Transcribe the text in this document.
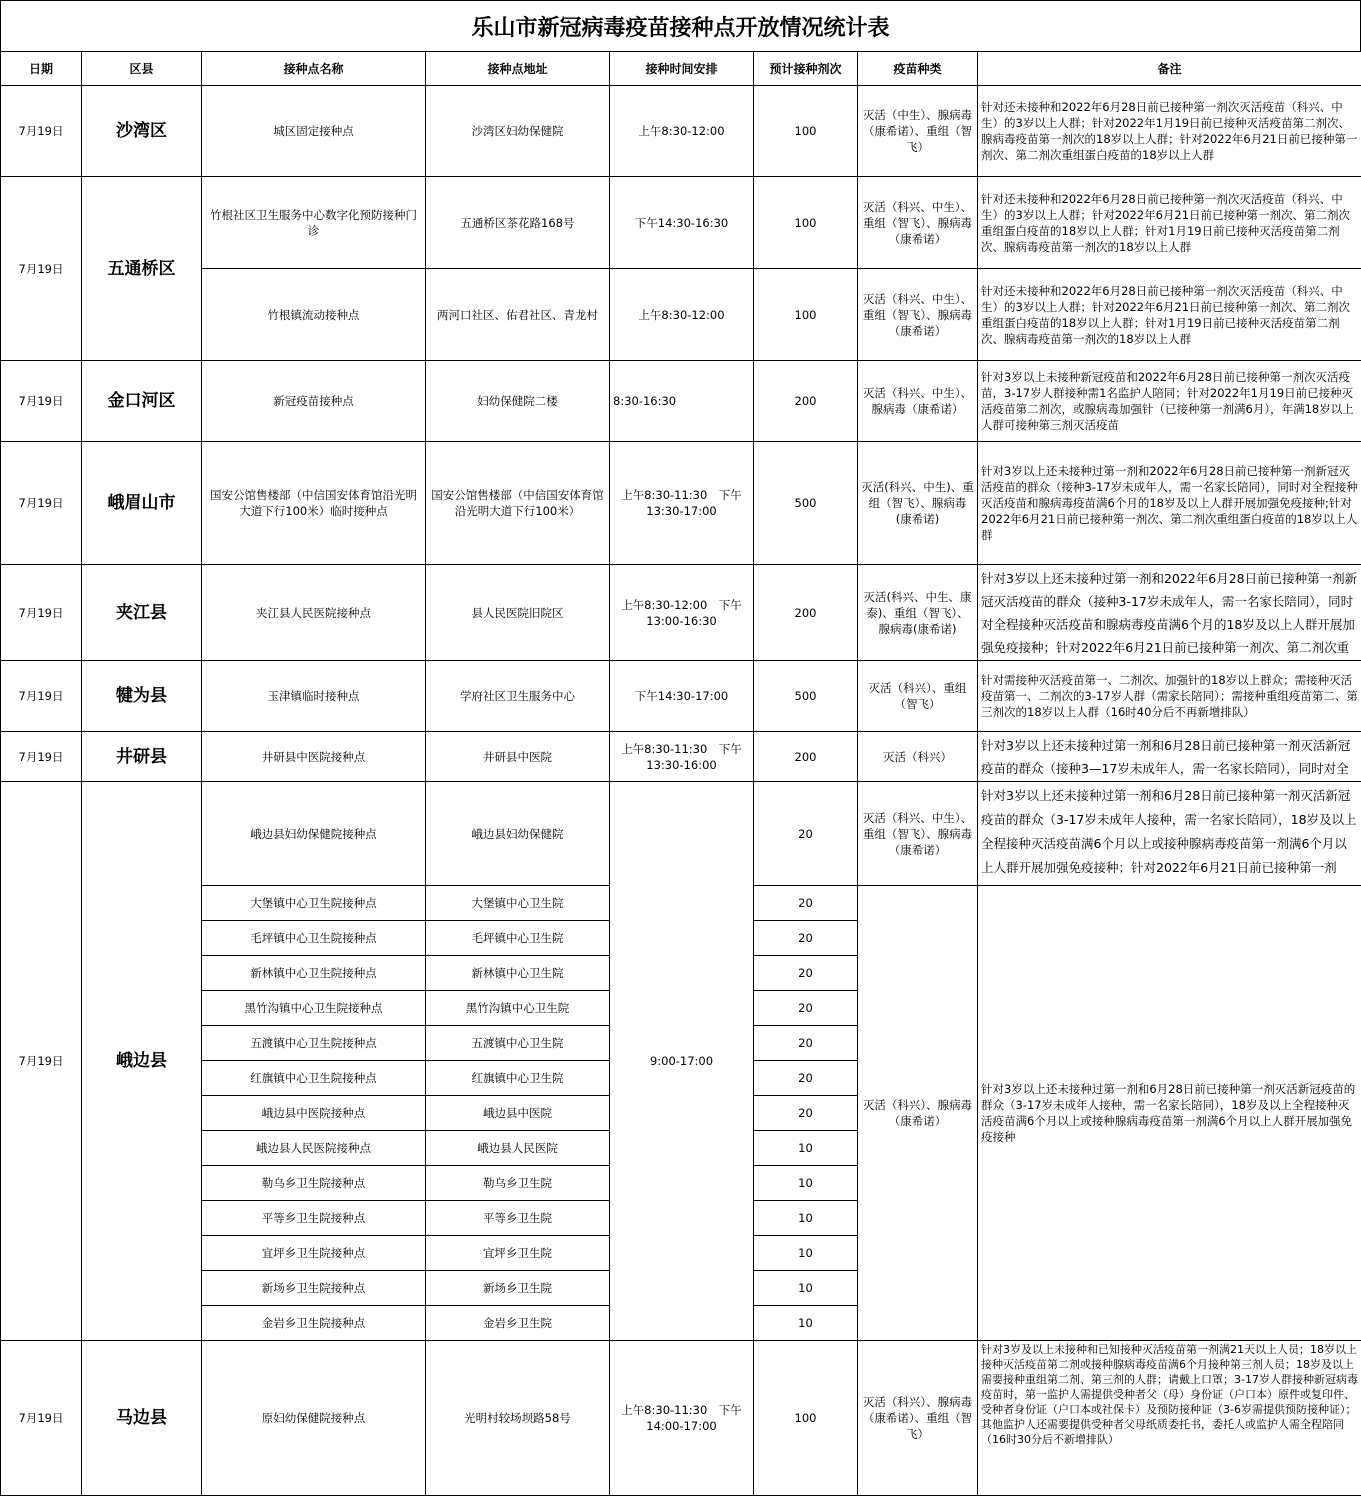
乐山市新冠病毒疫苗接种点开放情况统计表
日期	区县	接种点名称	接种点地址	接种时间安排	预计接种剂次	疫苗种类	备注
7月19日	沙湾区	城区固定接种点	沙湾区妇幼保健院	上午8:30-12:00	100	灭活（中生）、腺病毒（康希诺）、重组（智飞）	针对还未接种和2022年6月28日前已接种第一剂次灭活疫苗（科兴、中生）的3岁以上人群；针对2022年1月19日前已接种灭活疫苗第二剂次、腺病毒疫苗第一剂次的18岁以上人群；针对2022年6月21日前已接种第一剂次、第二剂次重组蛋白疫苗的18岁以上人群
7月19日	五通桥区	竹根社区卫生服务中心数字化预防接种门诊	五通桥区茶花路168号	下午14:30-16:30	100	灭活（科兴、中生）、重组（智飞）、腺病毒（康希诺）	针对还未接种和2022年6月28日前已接种第一剂次灭活疫苗（科兴、中生）的3岁以上人群；针对2022年6月21日前已接种第一剂次、第二剂次重组蛋白疫苗的18岁以上人群；针对1月19日前已接种灭活疫苗第二剂次、腺病毒疫苗第一剂次的18岁以上人群
		竹根镇流动接种点	两河口社区、佑君社区、青龙村	上午8:30-12:00	100	灭活（科兴、中生）、重组（智飞）、腺病毒（康希诺）	针对还未接种和2022年6月28日前已接种第一剂次灭活疫苗（科兴、中生）的3岁以上人群；针对2022年6月21日前已接种第一剂次、第二剂次重组蛋白疫苗的18岁以上人群；针对1月19日前已接种灭活疫苗第二剂次、腺病毒疫苗第一剂次的18岁以上人群
7月19日	金口河区	新冠疫苗接种点	妇幼保健院二楼	8:30-16:30	200	灭活（科兴、中生）、腺病毒（康希诺）	针对3岁以上未接种新冠疫苗和2022年6月28日前已接种第一剂次灭活疫苗，3-17岁人群接种需1名监护人陪同；针对2022年1月19日前已接种灭活疫苗第二剂次，或腺病毒加强针（已接种第一剂满6月），年满18岁以上人群可接种第三剂灭活疫苗
7月19日	峨眉山市	国安公馆售楼部（中信国安体育馆沿光明大道下行100米）临时接种点	国安公馆售楼部（中信国安体育馆沿光明大道下行100米）	上午8:30-11:30　下午13:30-17:00	500	灭活(科兴、中生)、重组（智飞）、腺病毒(康希诺)	针对3岁以上还未接种过第一剂和2022年6月28日前已接种第一剂新冠灭活疫苗的群众（接种3-17岁未成年人，需一名家长陪同），同时对全程接种灭活疫苗和腺病毒疫苗满6个月的18岁及以上人群开展加强免疫接种;针对2022年6月21日前已接种第一剂次、第二剂次重组蛋白疫苗的18岁以上人群
7月19日	夹江县	夹江县人民医院接种点	县人民医院旧院区	上午8:30-12:00　下午13:00-16:30	200	灭活(科兴、中生、康泰)、重组（智飞）、腺病毒(康希诺)	针对3岁以上还未接种过第一剂和2022年6月28日前已接种第一剂新冠灭活疫苗的群众（接种3-17岁未成年人，需一名家长陪同），同时对全程接种灭活疫苗和腺病毒疫苗满6个月的18岁及以上人群开展加强免疫接种；针对2022年6月21日前已接种第一剂次、第二剂次重

7月19日	犍为县	玉津镇临时接种点	学府社区卫生服务中心	下午14:30-17:00	500	灭活（科兴）、重组（智飞）	针对需接种灭活疫苗第一、二剂次、加强针的18岁以上群众；需接种灭活疫苗第一、二剂次的3-17岁人群（需家长陪同）；需接种重组疫苗第二、第三剂次的18岁以上人群（16时40分后不再新增排队）
7月19日	井研县	井研县中医院接种点	井研县中医院	上午8:30-11:30　下午13:30-16:00	200	灭活（科兴）	针对3岁以上还未接种过第一剂和6月28日前已接种第一剂灭活新冠疫苗的群众（接种3—17岁未成年人，需一名家长陪同），同时对全

7月19日	峨边县	峨边县妇幼保健院接种点	峨边县妇幼保健院	9:00-17:00	20	灭活（科兴、中生）、重组（智飞）、腺病毒（康希诺）	针对3岁以上还未接种过第一剂和6月28日前已接种第一剂灭活新冠疫苗的群众（3-17岁未成年人接种，需一名家长陪同），18岁及以上全程接种灭活疫苗满6个月以上或接种腺病毒疫苗第一剂满6个月以上人群开展加强免疫接种；针对2022年6月21日前已接种第一剂

		大堡镇中心卫生院接种点	大堡镇中心卫生院		20	灭活（科兴）、腺病毒（康希诺）	针对3岁以上还未接种过第一剂和6月28日前已接种第一剂灭活新冠疫苗的群众（3-17岁未成年人接种，需一名家长陪同），18岁及以上全程接种灭活疫苗满6个月以上或接种腺病毒疫苗第一剂满6个月以上人群开展加强免疫接种
		毛坪镇中心卫生院接种点	毛坪镇中心卫生院		20		
		新林镇中心卫生院接种点	新林镇中心卫生院		20		
		黑竹沟镇中心卫生院接种点	黑竹沟镇中心卫生院		20		
		五渡镇中心卫生院接种点	五渡镇中心卫生院		20		
		红旗镇中心卫生院接种点	红旗镇中心卫生院		20		
		峨边县中医院接种点	峨边县中医院		20		
		峨边县人民医院接种点	峨边县人民医院		10		
		勒乌乡卫生院接种点	勒乌乡卫生院		10		
		平等乡卫生院接种点	平等乡卫生院		10		
		宜坪乡卫生院接种点	宜坪乡卫生院		10		
		新场乡卫生院接种点	新场乡卫生院		10		
		金岩乡卫生院接种点	金岩乡卫生院		10		
7月19日	马边县	原妇幼保健院接种点	光明村较场坝路58号	上午8:30-11:30　下午14:00-17:00	100	灭活（科兴）、腺病毒（康希诺）、重组（智飞）	针对3岁及以上未接种和已知接种灭活疫苗第一剂满21天以上人员；18岁以上接种灭活疫苗第二剂或接种腺病毒疫苗满6个月接种第三剂人员；18岁及以上需要接种重组第二剂、第三剂的人群；请戴上口罩；3-17岁人群接种新冠病毒疫苗时，第一监护人需提供受种者父（母）身份证（户口本）原件或复印件、受种者身份证（户口本或社保卡）及预防接种证（3-6岁需提供预防接种证）；其他监护人还需要提供受种者父母纸质委托书，委托人或监护人需全程陪同（16时30分后不新增排队）
